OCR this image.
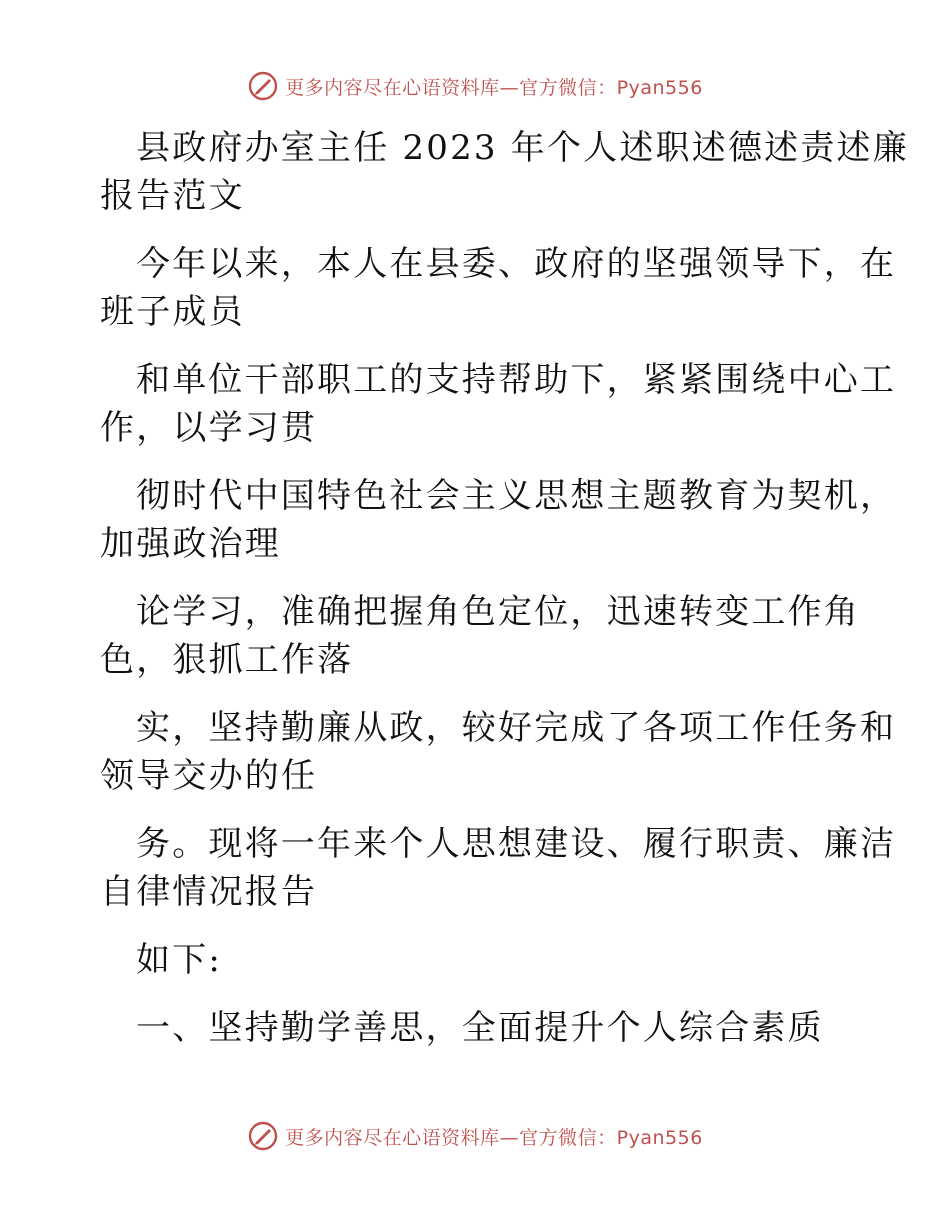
更多内容尽在心语资料库—官方微信：Pyan556
县政府办室主任 2023 年个人述职述德述责述廉
报告范文
今年以来，本人在县委、政府的坚强领导下，在
班子成员
和单位干部职工的支持帮助下，紧紧围绕中心工
作，以学习贯
彻时代中国特色社会主义思想主题教育为契机，
加强政治理
论学习，准确把握角色定位，迅速转变工作角
色，狠抓工作落
实，坚持勤廉从政，较好完成了各项工作任务和
领导交办的任
务。现将一年来个人思想建设、履行职责、廉洁
自律情况报告
如下:
一、坚持勤学善思，全面提升个人综合素质
更多内容尽在心语资料库—官方微信：Pyan556
